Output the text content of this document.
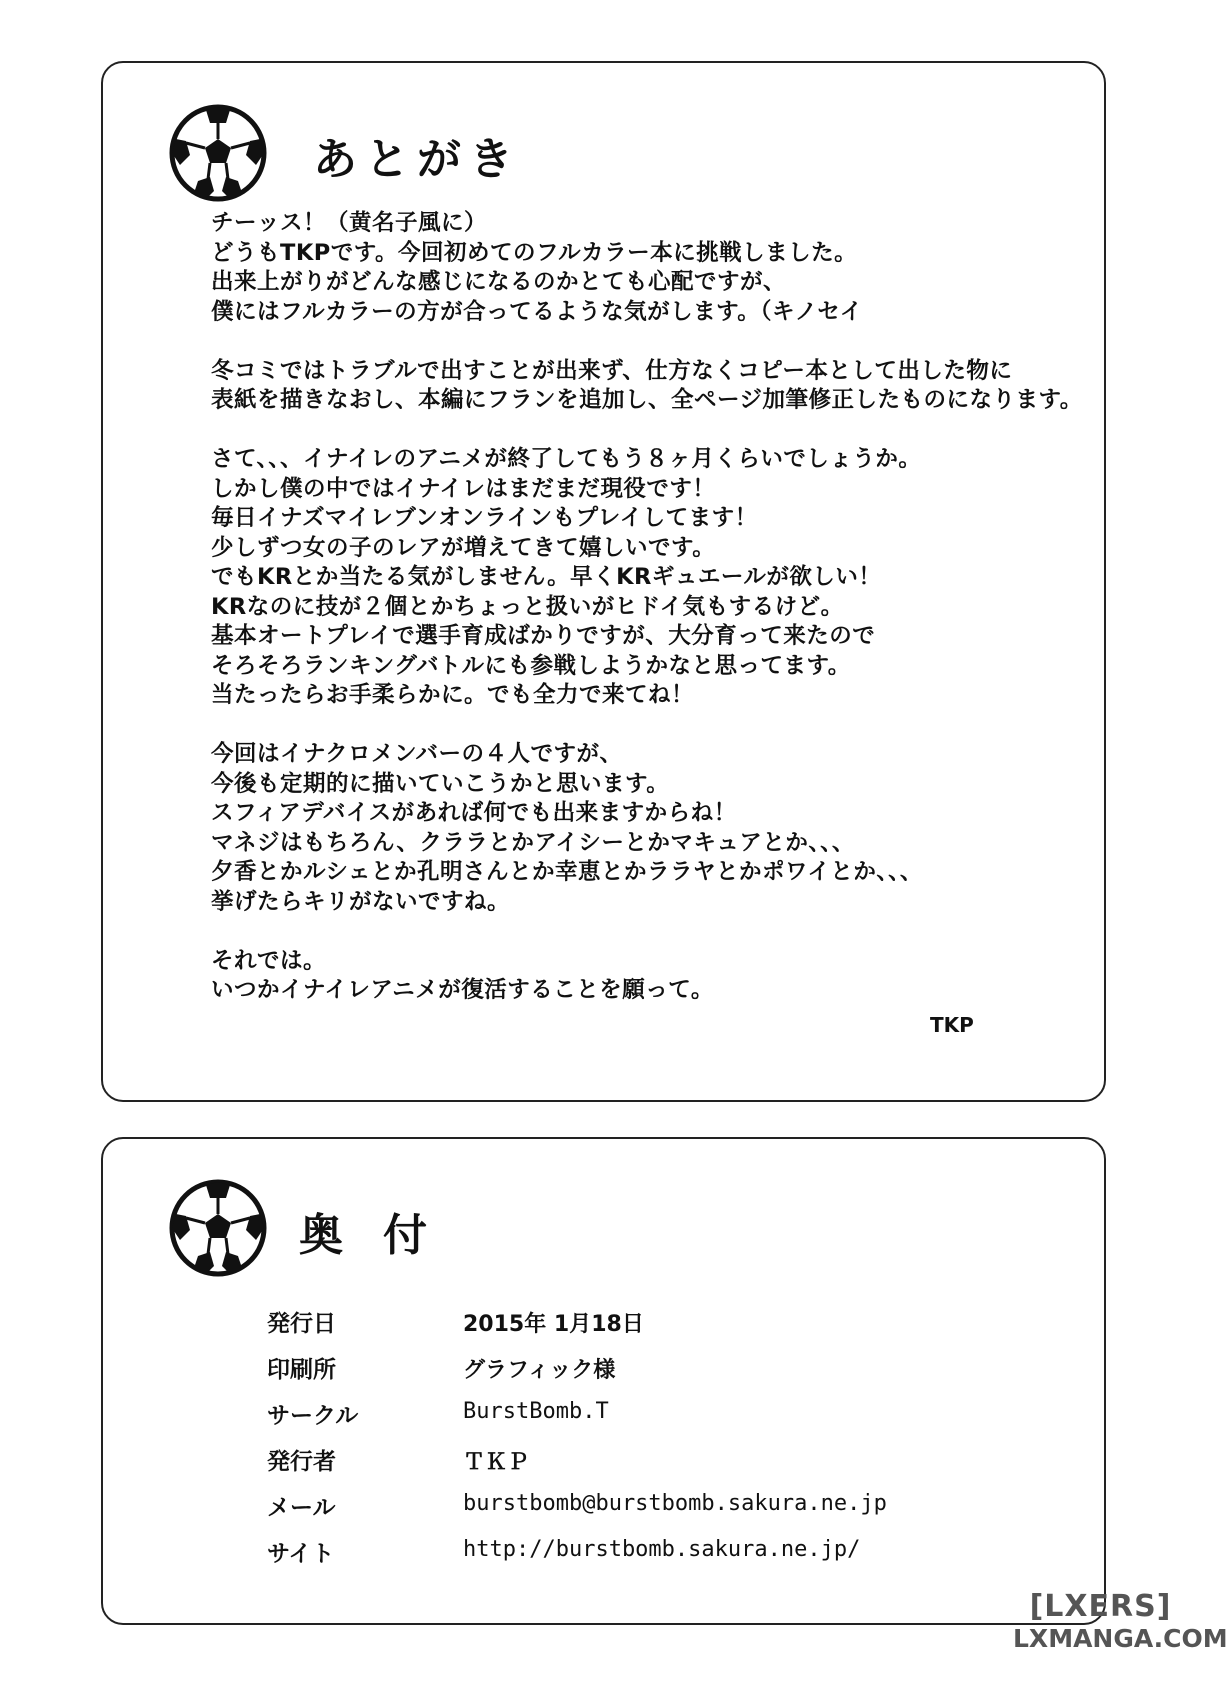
あとがき
チーッス！（黄名子風に）
どうもTKPです。今回初めてのフルカラー本に挑戦しました。
出来上がりがどんな感じになるのかとても心配ですが、
僕にはフルカラーの方が合ってるような気がします。（キノセイ
冬コミではトラブルで出すことが出来ず、仕方なくコピー本として出した物に
表紙を描きなおし、本編にフランを追加し、全ページ加筆修正したものになります。
さて、、、イナイレのアニメが終了してもう８ヶ月くらいでしょうか。
しかし僕の中ではイナイレはまだまだ現役です！
毎日イナズマイレブンオンラインもプレイしてます！
少しずつ女の子のレアが増えてきて嬉しいです。
でもKRとか当たる気がしません。早くKRギュエールが欲しい！
KRなのに技が２個とかちょっと扱いがヒドイ気もするけど。
基本オートプレイで選手育成ばかりですが、大分育って来たので
そろそろランキングバトルにも参戦しようかなと思ってます。
当たったらお手柔らかに。でも全力で来てね！
今回はイナクロメンバーの４人ですが、
今後も定期的に描いていこうかと思います。
スフィアデバイスがあれば何でも出来ますからね！
マネジはもちろん、クララとかアイシーとかマキュアとか、、、
夕香とかルシェとか孔明さんとか幸恵とかララヤとかポワイとか、、、
挙げたらキリがないですね。
それでは。
いつかイナイレアニメが復活することを願って。
TKP
奥付
発行日	2015年 1月18日
印刷所	グラフィック様
サークル	BurstBomb.T
発行者	ＴＫＰ
メール	burstbomb@burstbomb.sakura.ne.jp
サイト	http://burstbomb.sakura.ne.jp/
[LXERS]
LXMANGA.COM
